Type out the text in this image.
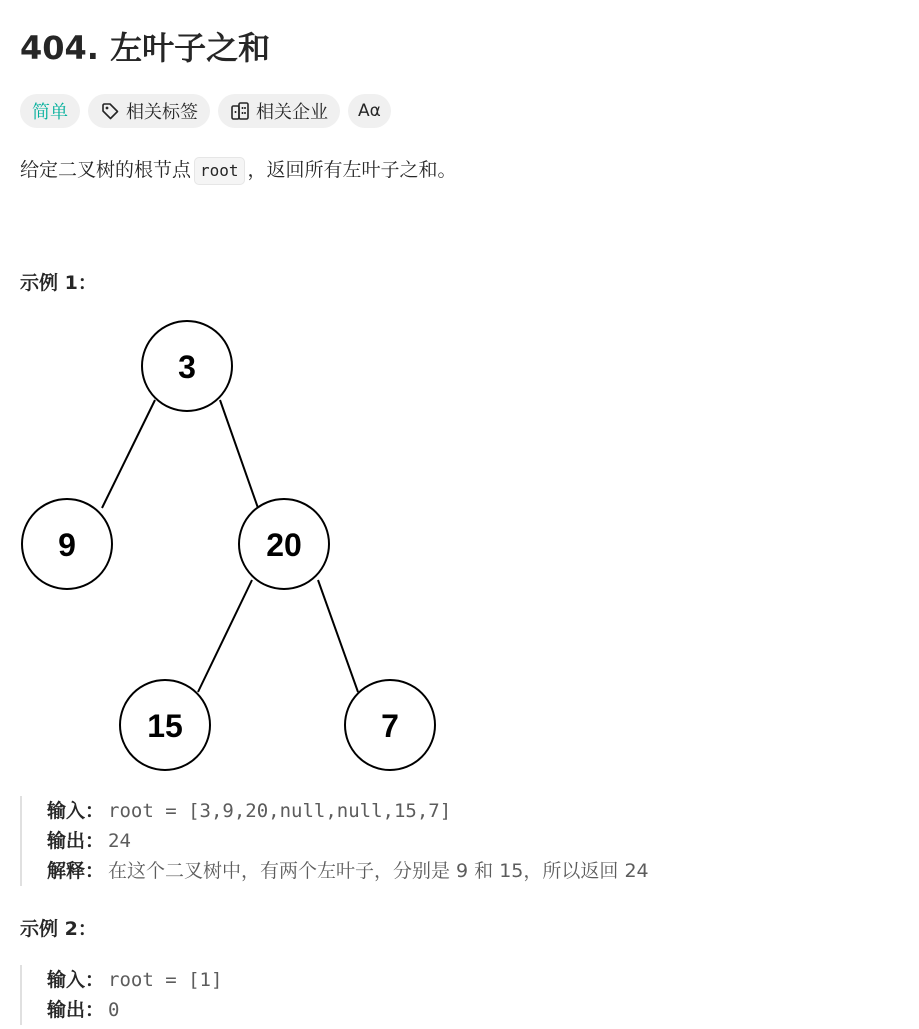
404. 左叶子之和
简单	相关标签	相关企业 Aα
给定二叉树的根节点 root ，返回所有左叶子之和。
示例 1：
3
9	20
15	7
输入： root = [3,9,20,null,null,15,7]
输出： 24
解释： 在这个二叉树中，有两个左叶子，分别是 9 和 15，所以返回 24
示例 2：
输入： root = [1]
输出： 0
